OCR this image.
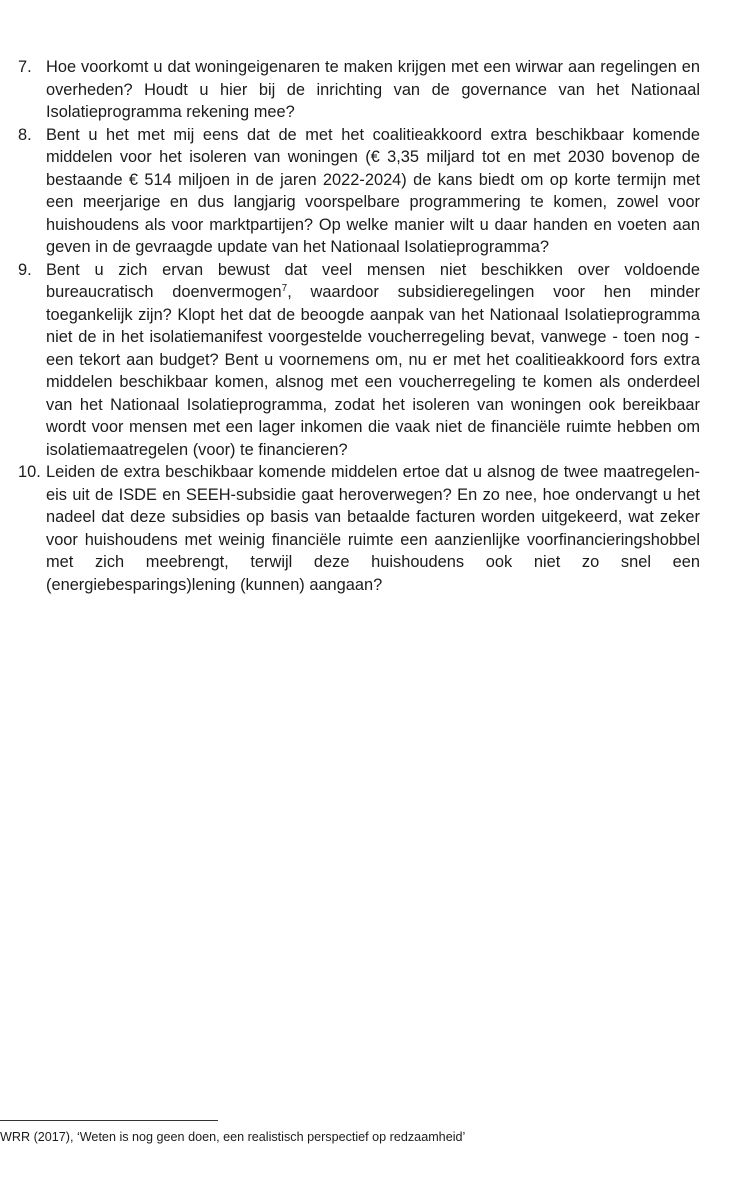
7. Hoe voorkomt u dat woningeigenaren te maken krijgen met een wirwar aan regelingen en overheden? Houdt u hier bij de inrichting van de governance van het Nationaal Isolatieprogramma rekening mee?
8. Bent u het met mij eens dat de met het coalitieakkoord extra beschikbaar komende middelen voor het isoleren van woningen (€ 3,35 miljard tot en met 2030 bovenop de bestaande € 514 miljoen in de jaren 2022-2024) de kans biedt om op korte termijn met een meerjarige en dus langjarig voorspelbare programmering te komen, zowel voor huishoudens als voor marktpartijen? Op welke manier wilt u daar handen en voeten aan geven in de gevraagde update van het Nationaal Isolatieprogramma?
9. Bent u zich ervan bewust dat veel mensen niet beschikken over voldoende bureaucratisch doenvermogen$^7$, waardoor subsidieregelingen voor hen minder toegankelijk zijn? Klopt het dat de beoogde aanpak van het Nationaal Isolatieprogramma niet de in het isolatiemanifest voorgestelde voucherregeling bevat, vanwege - toen nog - een tekort aan budget? Bent u voornemens om, nu er met het coalitieakkoord fors extra middelen beschikbaar komen, alsnog met een voucherregeling te komen als onderdeel van het Nationaal Isolatieprogramma, zodat het isoleren van woningen ook bereikbaar wordt voor mensen met een lager inkomen die vaak niet de financiële ruimte hebben om isolatiemaatregelen (voor) te financieren?
10. Leiden de extra beschikbaar komende middelen ertoe dat u alsnog de twee maatregelen-eis uit de ISDE en SEEH-subsidie gaat heroverwegen? En zo nee, hoe ondervangt u het nadeel dat deze subsidies op basis van betaalde facturen worden uitgekeerd, wat zeker voor huishoudens met weinig financiële ruimte een aanzienlijke voorfinancieringshobbel met zich meebrengt, terwijl deze huishoudens ook niet zo snel een (energiebesparings)lening (kunnen) aangaan?
WRR (2017), ‘Weten is nog geen doen, een realistisch perspectief op redzaamheid’
